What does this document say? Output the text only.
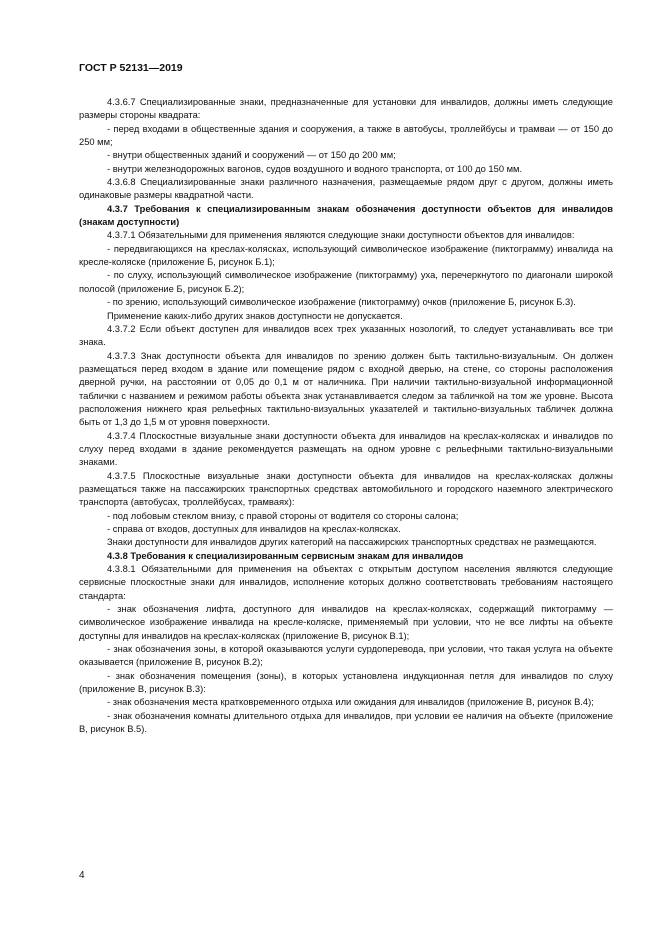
ГОСТ Р 52131—2019

4.3.6.7 Специализированные знаки, предназначенные для установки для инвалидов, должны иметь следующие размеры стороны квадрата:

- перед входами в общественные здания и сооружения, а также в автобусы, троллейбусы и трамваи — от 150 до 250 мм;

- внутри общественных зданий и сооружений — от 150 до 200 мм;

- внутри железнодорожных вагонов, судов воздушного и водного транспорта, от 100 до 150 мм.

4.3.6.8 Специализированные знаки различного назначения, размещаемые рядом друг с другом, должны иметь одинаковые размеры квадратной части.

4.3.7 Требования к специализированным знакам обозначения доступности объектов для инвалидов (знакам доступности)

4.3.7.1 Обязательными для применения являются следующие знаки доступности объектов для инвалидов:

- передвигающихся на креслах-колясках, использующий символическое изображение (пиктограмму) инвалида на кресле-коляске (приложение Б, рисунок Б.1);

- по слуху, использующий символическое изображение (пиктограмму) уха, перечеркнутого по диагонали широкой полосой (приложение Б, рисунок Б.2);

- по зрению, использующий символическое изображение (пиктограмму) очков (приложение Б, рисунок Б.3).

Применение каких-либо других знаков доступности не допускается.

4.3.7.2 Если объект доступен для инвалидов всех трех указанных нозологий, то следует устанавливать все три знака.

4.3.7.3 Знак доступности объекта для инвалидов по зрению должен быть тактильно-визуальным. Он должен размещаться перед входом в здание или помещение рядом с входной дверью, на стене, со стороны расположения дверной ручки, на расстоянии от 0,05 до 0,1 м от наличника. При наличии тактильно-визуальной информационной таблички с названием и режимом работы объекта знак устанавливается следом за табличкой на том же уровне. Высота расположения нижнего края рельефных тактильно-визуальных указателей и тактильно-визуальных табличек должна быть от 1,3 до 1,5 м от уровня поверхности.

4.3.7.4 Плоскостные визуальные знаки доступности объекта для инвалидов на креслах-колясках и инвалидов по слуху перед входами в здание рекомендуется размещать на одном уровне с рельефными тактильно-визуальными знаками.

4.3.7.5 Плоскостные визуальные знаки доступности объекта для инвалидов на креслах-колясках должны размещаться также на пассажирских транспортных средствах автомобильного и городского наземного электрического транспорта (автобусах, троллейбусах, трамваях):

- под лобовым стеклом внизу, с правой стороны от водителя со стороны салона;

- справа от входов, доступных для инвалидов на креслах-колясках.

Знаки доступности для инвалидов других категорий на пассажирских транспортных средствах не размещаются.

4.3.8 Требования к специализированным сервисным знакам для инвалидов

4.3.8.1 Обязательными для применения на объектах с открытым доступом населения являются следующие сервисные плоскостные знаки для инвалидов, исполнение которых должно соответствовать требованиям настоящего стандарта:

- знак обозначения лифта, доступного для инвалидов на креслах-колясках, содержащий пиктограмму — символическое изображение инвалида на кресле-коляске, применяемый при условии, что не все лифты на объекте доступны для инвалидов на креслах-колясках (приложение В, рисунок В.1);

- знак обозначения зоны, в которой оказываются услуги сурдоперевода, при условии, что такая услуга на объекте оказывается (приложение В, рисунок В.2);

- знак обозначения помещения (зоны), в которых установлена индукционная петля для инвалидов по слуху (приложение В, рисунок В.3):

- знак обозначения места кратковременного отдыха или ожидания для инвалидов (приложение В, рисунок В.4);

- знак обозначения комнаты длительного отдыха для инвалидов, при условии ее наличия на объекте (приложение В, рисунок В.5).

4
